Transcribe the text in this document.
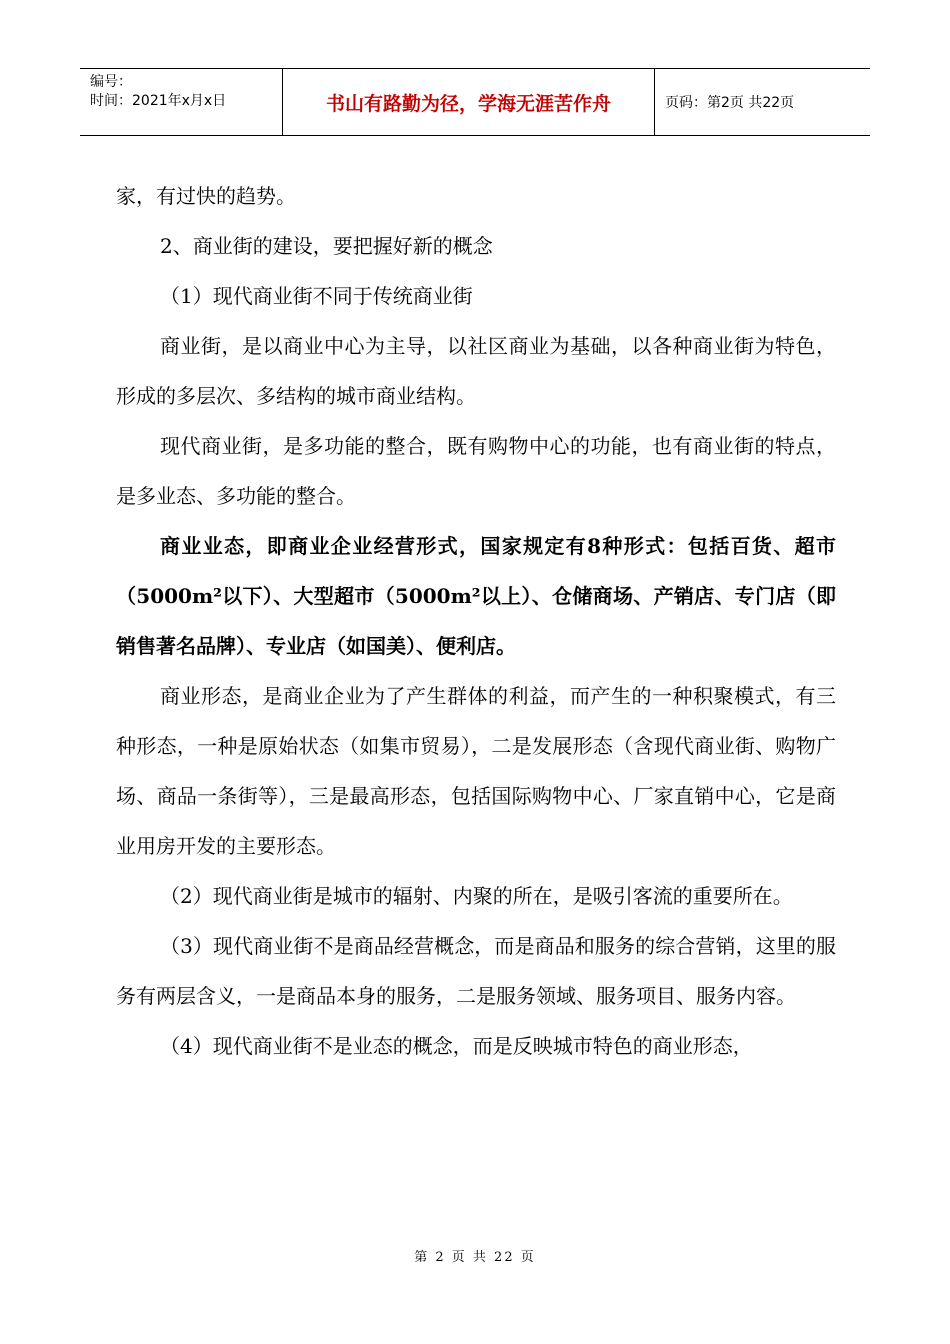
编号：
时间：2021年x月x日	书山有路勤为径，学海无涯苦作舟	页码：第2页 共22页

家，有过快的趋势。

2、商业街的建设，要把握好新的概念

（1）现代商业街不同于传统商业街

商业街，是以商业中心为主导，以社区商业为基础，以各种商业街为特色，形成的多层次、多结构的城市商业结构。

现代商业街，是多功能的整合，既有购物中心的功能，也有商业街的特点，是多业态、多功能的整合。

商业业态，即商业企业经营形式，国家规定有8种形式：包括百货、超市（5000m²以下）、大型超市（5000m²以上）、仓储商场、产销店、专门店（即销售著名品牌）、专业店（如国美）、便利店。

商业形态，是商业企业为了产生群体的利益，而产生的一种积聚模式，有三种形态，一种是原始状态（如集市贸易），二是发展形态（含现代商业街、购物广场、商品一条街等），三是最高形态，包括国际购物中心、厂家直销中心，它是商业用房开发的主要形态。

（2）现代商业街是城市的辐射、内聚的所在，是吸引客流的重要所在。

（3）现代商业街不是商品经营概念，而是商品和服务的综合营销，这里的服务有两层含义，一是商品本身的服务，二是服务领域、服务项目、服务内容。

（4）现代商业街不是业态的概念，而是反映城市特色的商业形态，

第 2 页 共 22 页
